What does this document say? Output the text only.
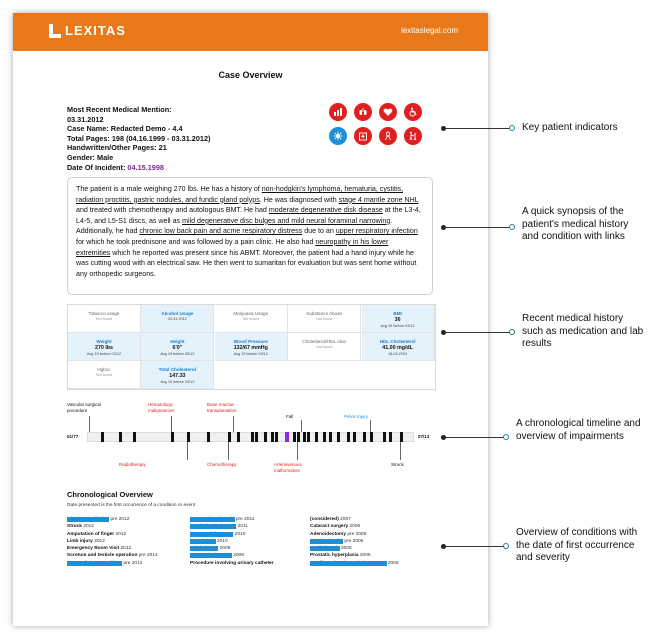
LEXITAS	lexitaslegal.com
Case Overview
Most Recent Medical Mention:
03.31.2012
Case Name: Redacted Demo - 4.4
Total Pages: 198 (04.16.1999 - 03.31.2012)
Handwritten/Other Pages: 21
Gender: Male
Date Of Incident: 04.15.1998
The patient is a male weighing 270 lbs. He has a history of non-hodgkin's lymphoma, hematuria, cystitis, radiation proctitis, gastric nodules, and fundic gland polyps. He was diagnosed with stage 4 mantle zone NHL and treated with chemotherapy and autologous BMT. He had moderate degenerative disk disease at the L3-4, L4-5, and L5-S1 discs, as well as mild degenerative disc bulges and mild neural foraminal narrowing. Additionally, he had chronic low back pain and acme respiratory distress due to an upper respiratory infection for which he took prednisone and was followed by a pain clinic. He also had neuropathy in his lower extremities which he reported was present since his ABMT. Moreover, the patient had a hand injury while he was cutting wood with an electrical saw. He then went to sumaritan for evaluation but was sent home without any orthopedic surgeons.
Tobacco usage
Not found
Alcohol Usage
03.31.2012
Marijuana Usage
Not found
Substance Abuse
Not found
BMI
36
Avg 19 before 03/12
Weight
270 lbs
Avg 19 before 03/12
Height
6'0"
Avg 19 before 03/12
Blood Pressure
132/67 mmHg
Avg 19 before 03/12
Cholesterol/HDL ratio
Not found
HDL Cholesterol
41.00 mg/dL
18.04.2003
Hgb1c
Not found
Total Cholesterol
147.33
Avg 19 before 03/12
01/77	07/13
Vascular surgical procedure
Hematologic malignancies
Bone marrow transplantation
Fall	Pelvic injury
Radiotherapy	Chemotherapy	Arteriovenous malformation
Struck
Chronological Overview
Date presented is the first occurrence of a condition or event
Blood Transfusion pre 2012
Struck 2012
Amputation of finger 2012
Limb injury 2012
Emergency Room Visit 2012
Scrotum and testicle operation pre 2012
Type 2 diabetes mellitus pre 2012
Removal Hydrocele pre 2011
Testicular hydrocele 2011
Abnormal liver test 2010
Burn injury 2010
Pelvic injury 2009
Traumatic fracture 2008
Procedure involving urinary catheter
(considered) 2007
Cataract surgery 2006
Adenoidectomy pre 2006
Herniorrhaphy pre 2006
Dyslipidemia 2005
Prostatic hyperplasia 2005
Swelling of male genital structure 2005
Key patient indicators
A quick synopsis of the patient's medical history and condition with links
Recent medical history such as medication and lab results
A chronological timeline and overview of impairments
Overview of conditions with the date of first occurrence and severity
